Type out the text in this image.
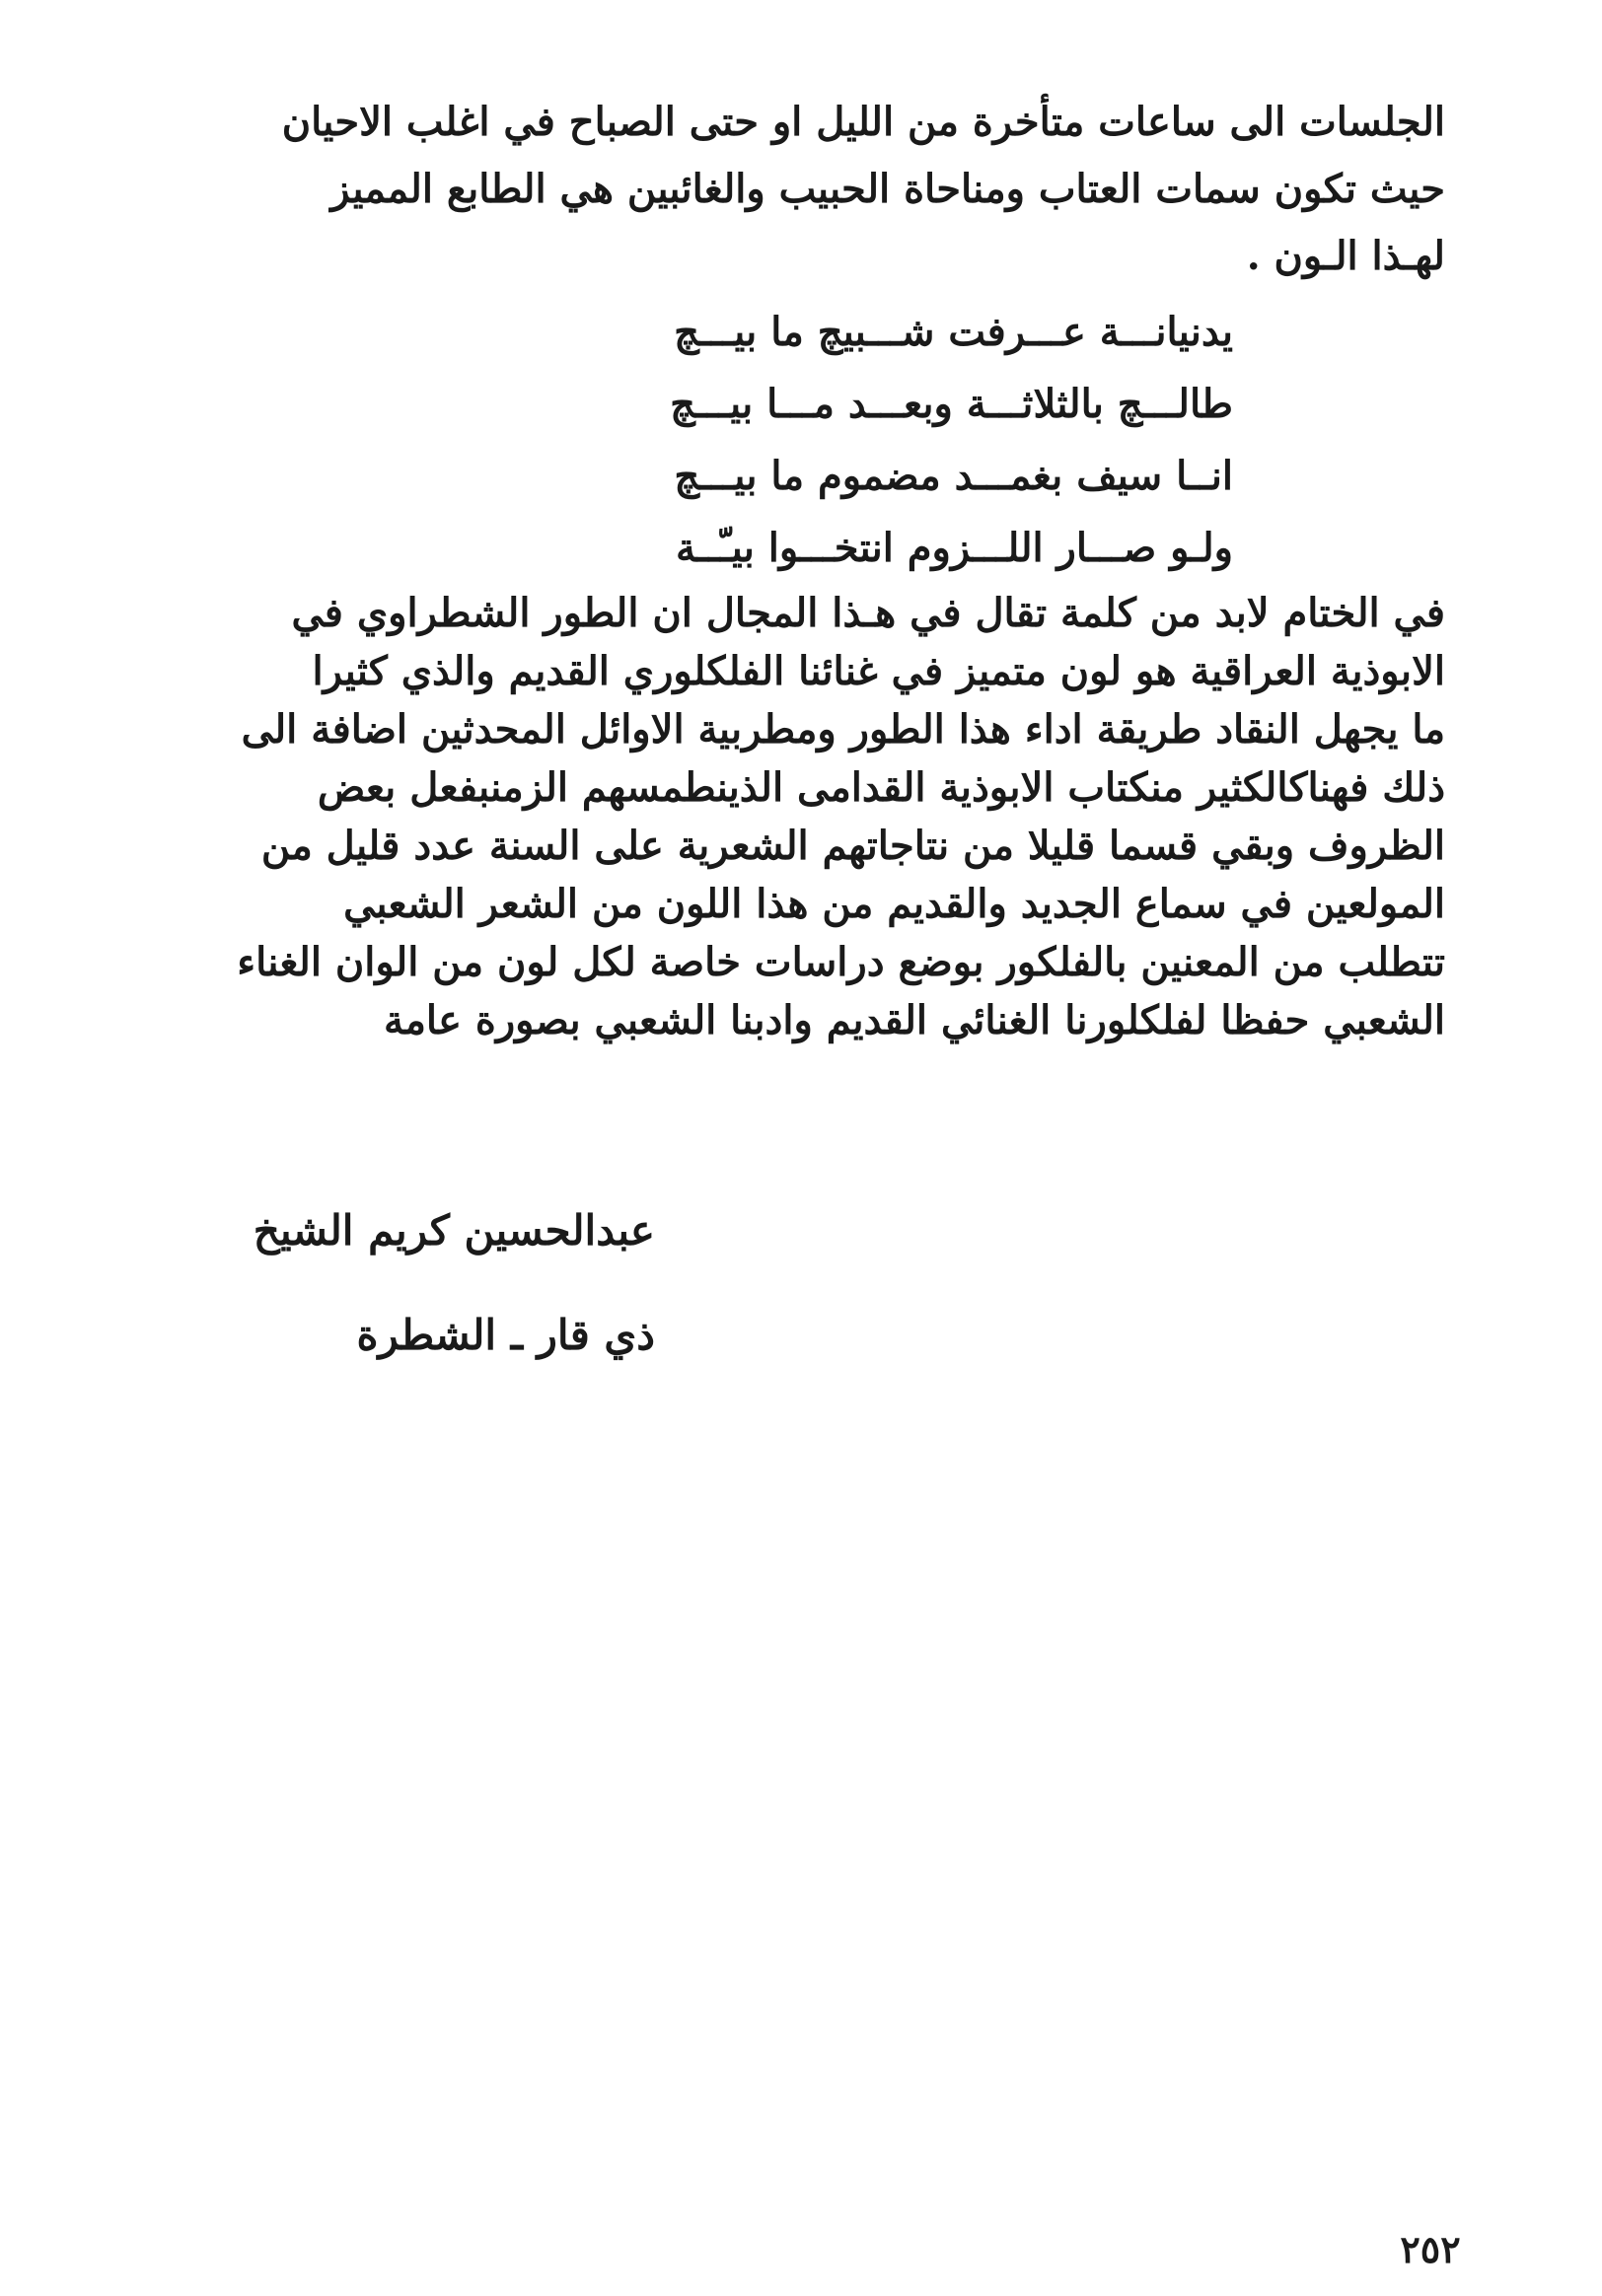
الجلسات الى ساعات متأخرة من الليل او حتى الصباح في اغلب الاحيان
حيث تكون سمات العتاب ومناحاة الحبيب والغائبين هي الطابع المميز
لهـذا الـون .
يدنيانـــة عـــرفت شـــبيچ ما بيـــچ
طالـــچ بالثلاثـــة وبعـــد مـــا بيـــچ
انــا سيف بغمـــد مضموم ما بيـــچ
ولـو صـــار اللـــزوم انتخـــوا بيـّــة
في الختام لابد من كلمة تقال في هـذا المجال ان الطور الشطراوي في
الابوذية العراقية هو لون متميز في غنائنا الفلكلوري القديم والذي كثيرا
ما يجهل النقاد طريقة اداء هذا الطور ومطربية الاوائل المحدثين اضافة الى
ذلك فهناكالكثير منكتاب الابوذية القدامى الذينطمسهم الزمنبفعل بعض
الظروف وبقي قسما قليلا من نتاجاتهم الشعرية على السنة عدد قليل من
المولعين في سماع الجديد والقديم من هذا اللون من الشعر الشعبي
تتطلب من المعنين بالفلكور بوضع دراسات خاصة لكل لون من الوان الغناء
الشعبي حفظا لفلكلورنا الغنائي القديم وادبنا الشعبي بصورة عامة
عبدالحسين كريم الشيخ
ذي قار ـ الشطرة
٢٥٢
